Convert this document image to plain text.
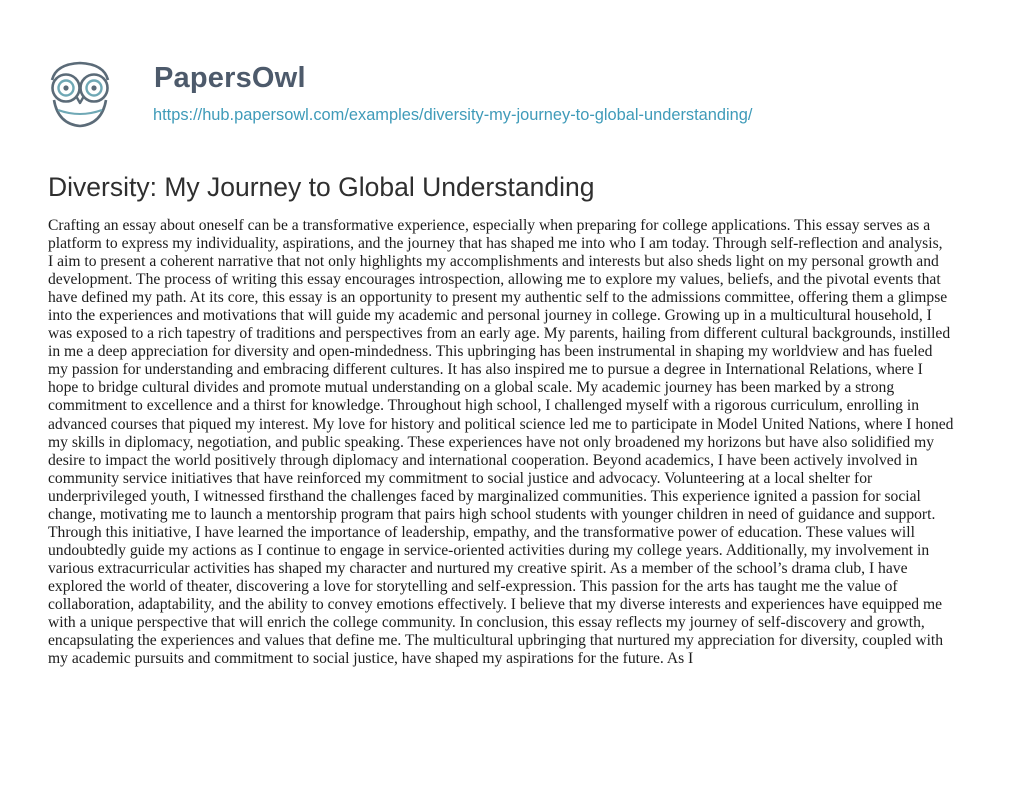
PapersOwl
https://hub.papersowl.com/examples/diversity-my-journey-to-global-understanding/
Diversity: My Journey to Global Understanding
Crafting an essay about oneself can be a transformative experience, especially when preparing for college applications. This essay serves as a
platform to express my individuality, aspirations, and the journey that has shaped me into who I am today. Through self-reflection and analysis,
I aim to present a coherent narrative that not only highlights my accomplishments and interests but also sheds light on my personal growth and
development. The process of writing this essay encourages introspection, allowing me to explore my values, beliefs, and the pivotal events that
have defined my path. At its core, this essay is an opportunity to present my authentic self to the admissions committee, offering them a glimpse
into the experiences and motivations that will guide my academic and personal journey in college. Growing up in a multicultural household, I
was exposed to a rich tapestry of traditions and perspectives from an early age. My parents, hailing from different cultural backgrounds, instilled
in me a deep appreciation for diversity and open-mindedness. This upbringing has been instrumental in shaping my worldview and has fueled
my passion for understanding and embracing different cultures. It has also inspired me to pursue a degree in International Relations, where I
hope to bridge cultural divides and promote mutual understanding on a global scale. My academic journey has been marked by a strong
commitment to excellence and a thirst for knowledge. Throughout high school, I challenged myself with a rigorous curriculum, enrolling in
advanced courses that piqued my interest. My love for history and political science led me to participate in Model United Nations, where I honed
my skills in diplomacy, negotiation, and public speaking. These experiences have not only broadened my horizons but have also solidified my
desire to impact the world positively through diplomacy and international cooperation. Beyond academics, I have been actively involved in
community service initiatives that have reinforced my commitment to social justice and advocacy. Volunteering at a local shelter for
underprivileged youth, I witnessed firsthand the challenges faced by marginalized communities. This experience ignited a passion for social
change, motivating me to launch a mentorship program that pairs high school students with younger children in need of guidance and support.
Through this initiative, I have learned the importance of leadership, empathy, and the transformative power of education. These values will
undoubtedly guide my actions as I continue to engage in service-oriented activities during my college years. Additionally, my involvement in
various extracurricular activities has shaped my character and nurtured my creative spirit. As a member of the school’s drama club, I have
explored the world of theater, discovering a love for storytelling and self-expression. This passion for the arts has taught me the value of
collaboration, adaptability, and the ability to convey emotions effectively. I believe that my diverse interests and experiences have equipped me
with a unique perspective that will enrich the college community. In conclusion, this essay reflects my journey of self-discovery and growth,
encapsulating the experiences and values that define me. The multicultural upbringing that nurtured my appreciation for diversity, coupled with
my academic pursuits and commitment to social justice, have shaped my aspirations for the future. As I
